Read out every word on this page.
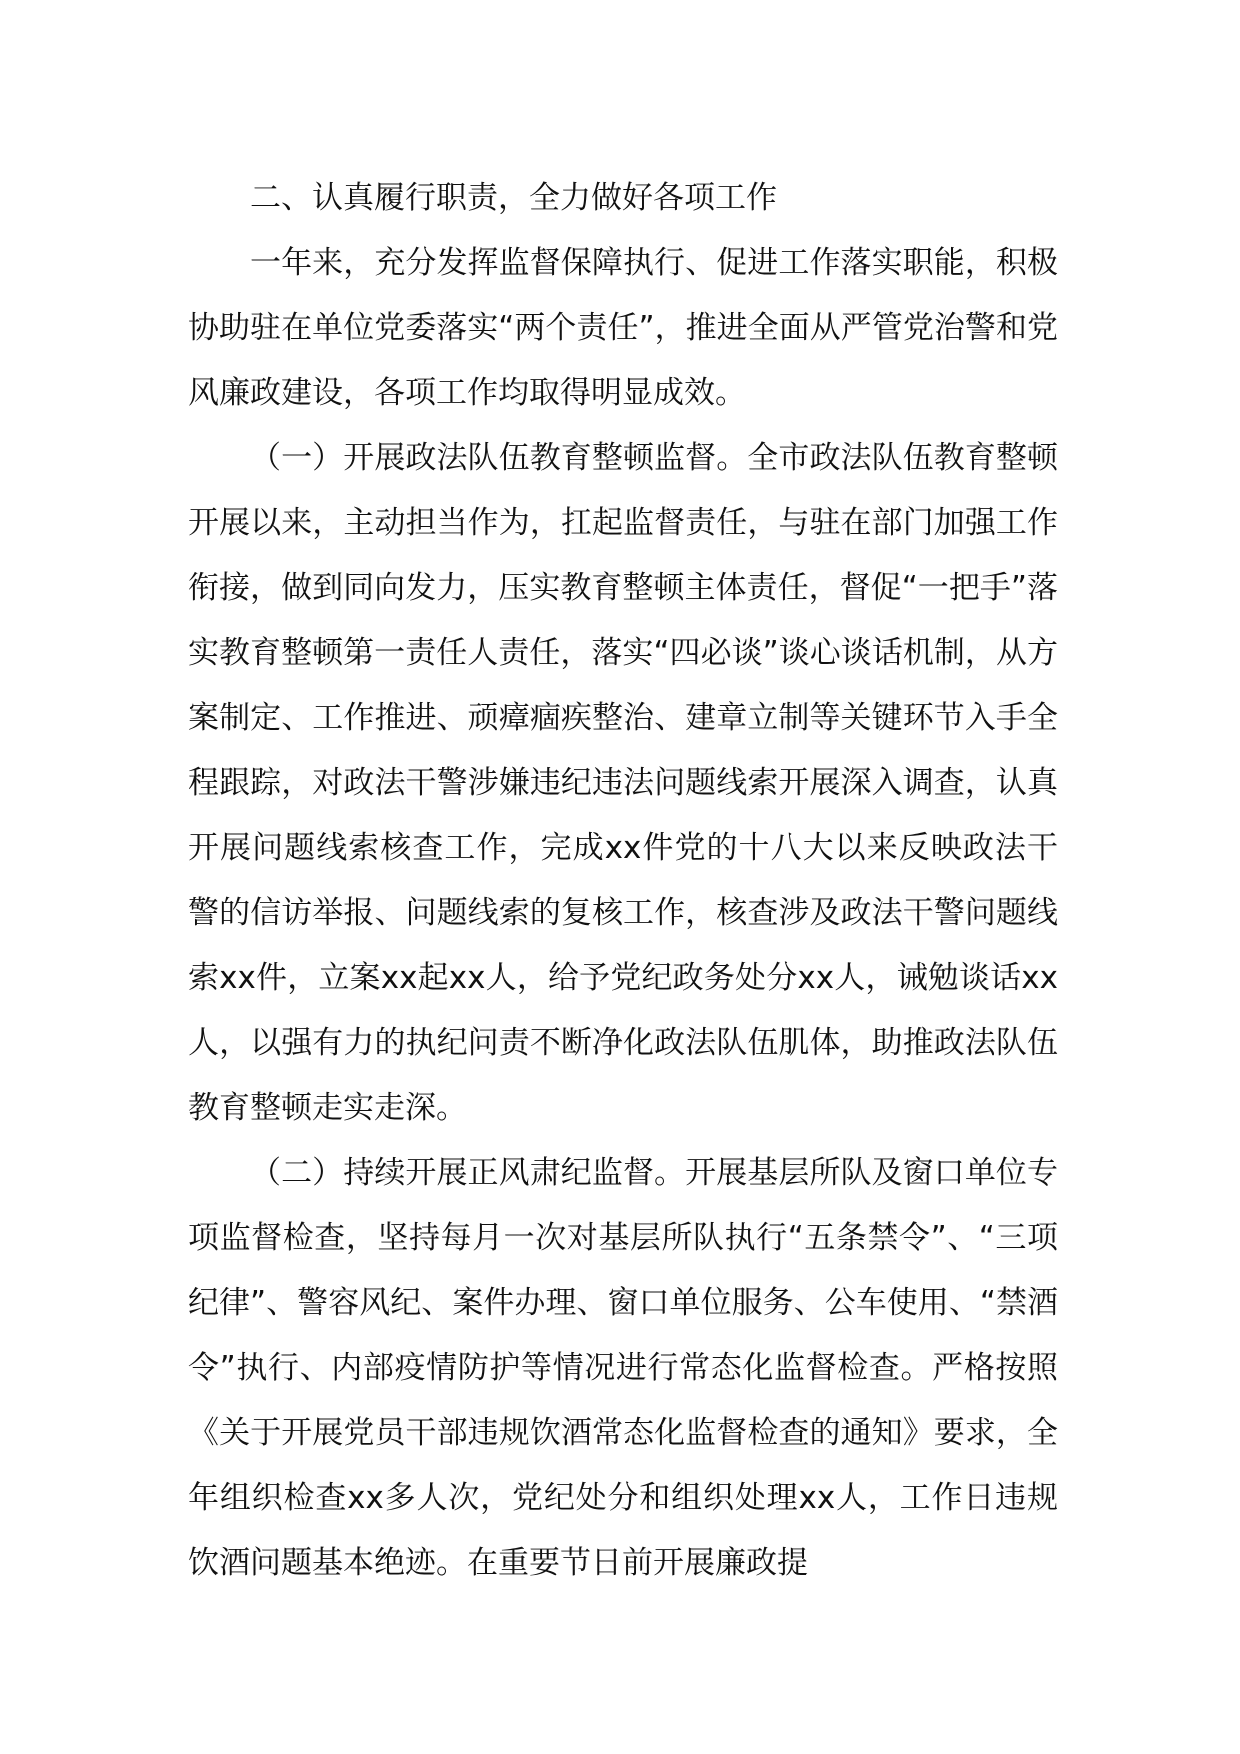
二、认真履行职责，全力做好各项工作

一年来，充分发挥监督保障执行、促进工作落实职能，积极协助驻在单位党委落实“两个责任”，推进全面从严管党治警和党风廉政建设，各项工作均取得明显成效。

（一）开展政法队伍教育整顿监督。全市政法队伍教育整顿开展以来，主动担当作为，扛起监督责任，与驻在部门加强工作衔接，做到同向发力，压实教育整顿主体责任，督促“一把手”落实教育整顿第一责任人责任，落实“四必谈”谈心谈话机制，从方案制定、工作推进、顽瘴痼疾整治、建章立制等关键环节入手全程跟踪，对政法干警涉嫌违纪违法问题线索开展深入调查，认真开展问题线索核查工作，完成xx件党的十八大以来反映政法干警的信访举报、问题线索的复核工作，核查涉及政法干警问题线索xx件，立案xx起xx人，给予党纪政务处分xx人，诫勉谈话xx人，以强有力的执纪问责不断净化政法队伍肌体，助推政法队伍教育整顿走实走深。

（二）持续开展正风肃纪监督。开展基层所队及窗口单位专项监督检查，坚持每月一次对基层所队执行“五条禁令”、“三项纪律”、警容风纪、案件办理、窗口单位服务、公车使用、“禁酒令”执行、内部疫情防护等情况进行常态化监督检查。严格按照《关于开展党员干部违规饮酒常态化监督检查的通知》要求，全年组织检查xx多人次，党纪处分和组织处理xx人，工作日违规饮酒问题基本绝迹。在重要节日前开展廉政提
